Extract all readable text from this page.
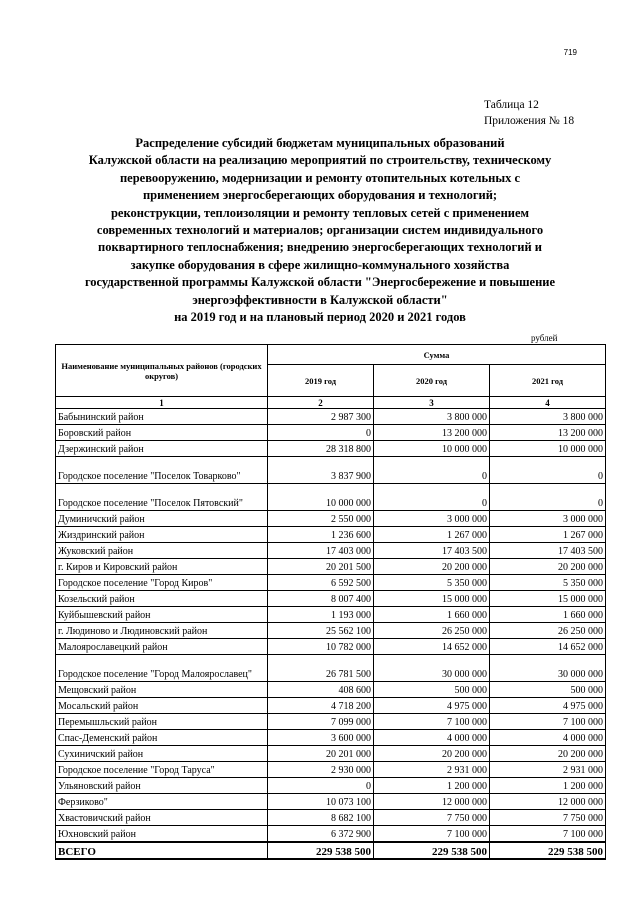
719
Таблица 12
Приложения № 18
Распределение субсидий бюджетам муниципальных образований
Калужской области на реализацию мероприятий по строительству, техническому
перевооружению, модернизации и ремонту отопительных котельных с
применением энергосберегающих оборудования и технологий;
реконструкции, теплоизоляции и ремонту тепловых сетей с применением
современных технологий и материалов; организации систем индивидуального
поквартирного теплоснабжения; внедрению энергосберегающих технологий и
закупке оборудования в сфере жилищно-коммунального хозяйства
государственной программы Калужской области "Энергосбережение и повышение
энергоэффективности в Калужской области"
на 2019 год и на плановый период 2020 и 2021 годов
рублей
Наименование муниципальных районов (городских округов)	Сумма		
	2019 год	2020 год	2021 год
1	2	3	4
Бабынинский район	2 987 300	3 800 000	3 800 000
Боровский район	0	13 200 000	13 200 000
Дзержинский район	28 318 800	10 000 000	10 000 000
Городское поселение "Поселок Товарково"	3 837 900	0	0
Городское поселение "Поселок Пятовский"	10 000 000	0	0
Думиничский район	2 550 000	3 000 000	3 000 000
Жиздринский район	1 236 600	1 267 000	1 267 000
Жуковский район	17 403 000	17 403 500	17 403 500
г. Киров и Кировский район	20 201 500	20 200 000	20 200 000
Городское поселение "Город Киров"	6 592 500	5 350 000	5 350 000
Козельский район	8 007 400	15 000 000	15 000 000
Куйбышевский район	1 193 000	1 660 000	1 660 000
г. Людиново и Людиновский район	25 562 100	26 250 000	26 250 000
Малоярославецкий район	10 782 000	14 652 000	14 652 000
Городское поселение "Город Малоярославец"	26 781 500	30 000 000	30 000 000
Мещовский район	408 600	500 000	500 000
Мосальский район	4 718 200	4 975 000	4 975 000
Перемышльский район	7 099 000	7 100 000	7 100 000
Спас-Деменский район	3 600 000	4 000 000	4 000 000
Сухиничский район	20 201 000	20 200 000	20 200 000
Городское поселение "Город Таруса"	2 930 000	2 931 000	2 931 000
Ульяновский район	0	1 200 000	1 200 000
Ферзиково"	10 073 100	12 000 000	12 000 000
Хвастовичский район	8 682 100	7 750 000	7 750 000
Юхновский район	6 372 900	7 100 000	7 100 000
ВСЕГО	229 538 500	229 538 500	229 538 500
